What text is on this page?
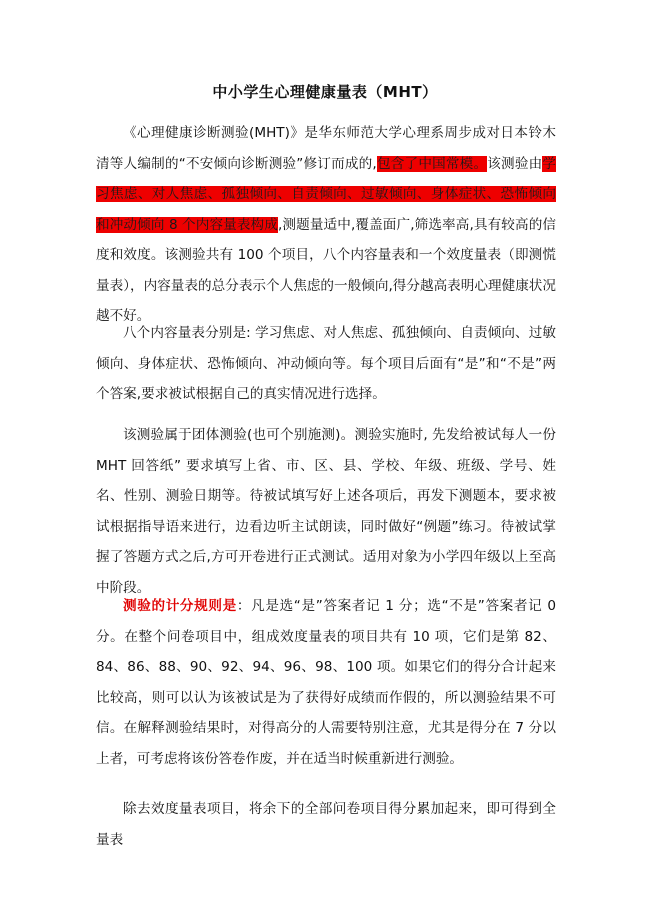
中小学生心理健康量表（MHT）

《心理健康诊断测验(MHT)》是华东师范大学心理系周步成对日本铃木清等人编制的“不安倾向诊断测验”修订而成的,包含了中国常模。该测验由学习焦虑、对人焦虑、孤独倾向、自责倾向、过敏倾向、身体症状、恐怖倾向和冲动倾向 8 个内容量表构成,测题量适中,覆盖面广,筛选率高,具有较高的信度和效度。该测验共有 100 个项目，八个内容量表和一个效度量表（即测慌量表），内容量表的总分表示个人焦虑的一般倾向,得分越高表明心理健康状况越不好。

八个内容量表分别是: 学习焦虑、对人焦虑、孤独倾向、自责倾向、过敏倾向、身体症状、恐怖倾向、冲动倾向等。每个项目后面有“是”和“不是”两个答案,要求被试根据自己的真实情况进行选择。

该测验属于团体测验(也可个别施测)。测验实施时, 先发给被试每人一份MHT 回答纸” 要求填写上省、市、区、县、学校、年级、班级、学号、姓名、性别、测验日期等。待被试填写好上述各项后，再发下测题本，要求被试根据指导语来进行，边看边听主试朗读，同时做好“例题”练习。待被试掌握了答题方式之后,方可开卷进行正式测试。适用对象为小学四年级以上至高中阶段。

测验的计分规则是：凡是选“是”答案者记 1 分；选“不是”答案者记 0 分。在整个问卷项目中，组成效度量表的项目共有 10 项，它们是第 82、84、86、88、90、92、94、96、98、100 项。如果它们的得分合计起来比较高，则可以认为该被试是为了获得好成绩而作假的，所以测验结果不可信。在解释测验结果时，对得高分的人需要特别注意，尤其是得分在 7 分以上者，可考虑将该份答卷作废，并在适当时候重新进行测验。

除去效度量表项目，将余下的全部问卷项目得分累加起来，即可得到全量表
